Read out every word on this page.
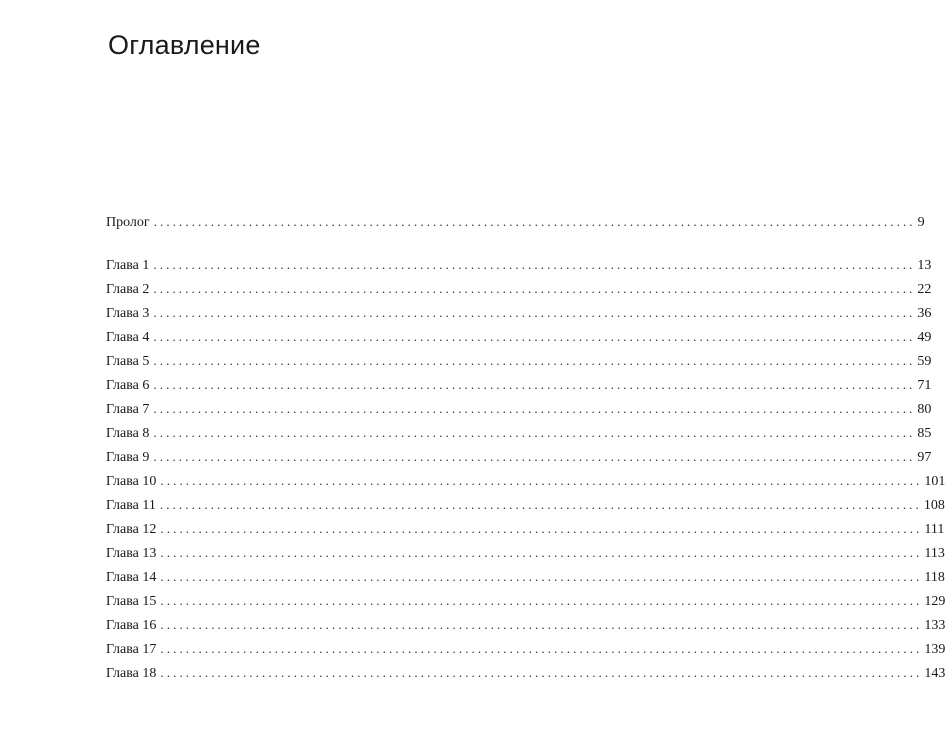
Оглавление
Пролог ........................................................................................................................ 9
Глава 1 ........................................................................................................................ 13
Глава 2 ........................................................................................................................ 22
Глава 3 ........................................................................................................................ 36
Глава 4 ........................................................................................................................ 49
Глава 5 ........................................................................................................................ 59
Глава 6 ........................................................................................................................ 71
Глава 7 ........................................................................................................................ 80
Глава 8 ........................................................................................................................ 85
Глава 9 ........................................................................................................................ 97
Глава 10 ........................................................................................................................ 101
Глава 11 ........................................................................................................................ 108
Глава 12 ........................................................................................................................ 111
Глава 13 ........................................................................................................................ 113
Глава 14 ........................................................................................................................ 118
Глава 15 ........................................................................................................................ 129
Глава 16 ........................................................................................................................ 133
Глава 17 ........................................................................................................................ 139
Глава 18 ........................................................................................................................ 143
